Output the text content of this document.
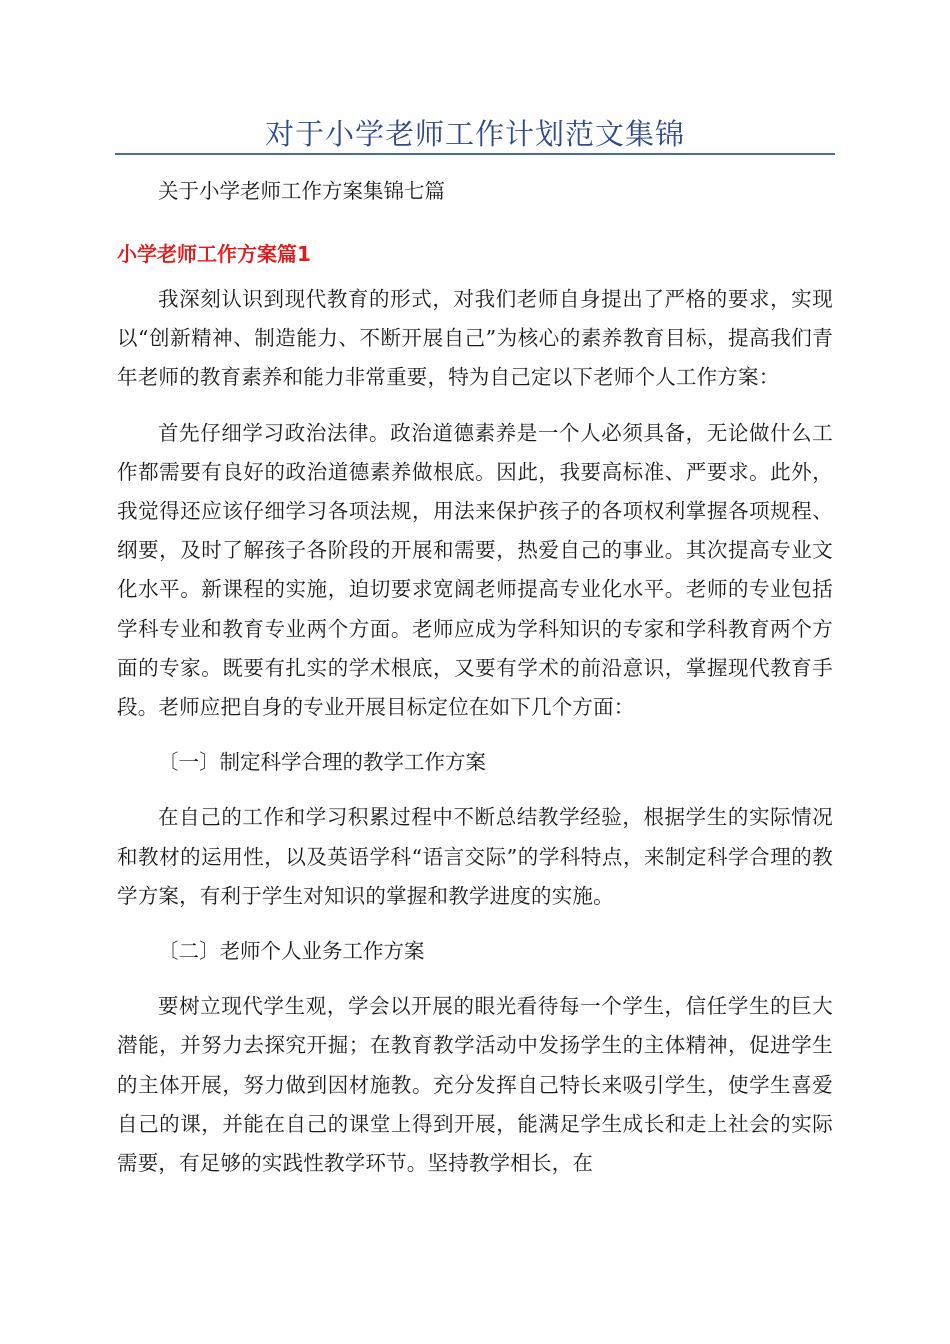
对于小学老师工作计划范文集锦

关于小学老师工作方案集锦七篇

小学老师工作方案篇1

我深刻认识到现代教育的形式，对我们老师自身提出了严格的要求，实现以“创新精神、制造能力、不断开展自己”为核心的素养教育目标，提高我们青年老师的教育素养和能力非常重要，特为自己定以下老师个人工作方案：

首先仔细学习政治法律。政治道德素养是一个人必须具备，无论做什么工作都需要有良好的政治道德素养做根底。因此，我要高标准、严要求。此外，我觉得还应该仔细学习各项法规，用法来保护孩子的各项权利掌握各项规程、纲要，及时了解孩子各阶段的开展和需要，热爱自己的事业。其次提高专业文化水平。新课程的实施，迫切要求宽阔老师提高专业化水平。老师的专业包括学科专业和教育专业两个方面。老师应成为学科知识的专家和学科教育两个方面的专家。既要有扎实的学术根底，又要有学术的前沿意识，掌握现代教育手段。老师应把自身的专业开展目标定位在如下几个方面：

〔一〕制定科学合理的教学工作方案

在自己的工作和学习积累过程中不断总结教学经验，根据学生的实际情况和教材的运用性，以及英语学科“语言交际”的学科特点，来制定科学合理的教学方案，有利于学生对知识的掌握和教学进度的实施。

〔二〕老师个人业务工作方案

要树立现代学生观，学会以开展的眼光看待每一个学生，信任学生的巨大潜能，并努力去探究开掘；在教育教学活动中发扬学生的主体精神，促进学生的主体开展，努力做到因材施教。充分发挥自己特长来吸引学生，使学生喜爱自己的课，并能在自己的课堂上得到开展，能满足学生成长和走上社会的实际需要，有足够的实践性教学环节。坚持教学相长，在
